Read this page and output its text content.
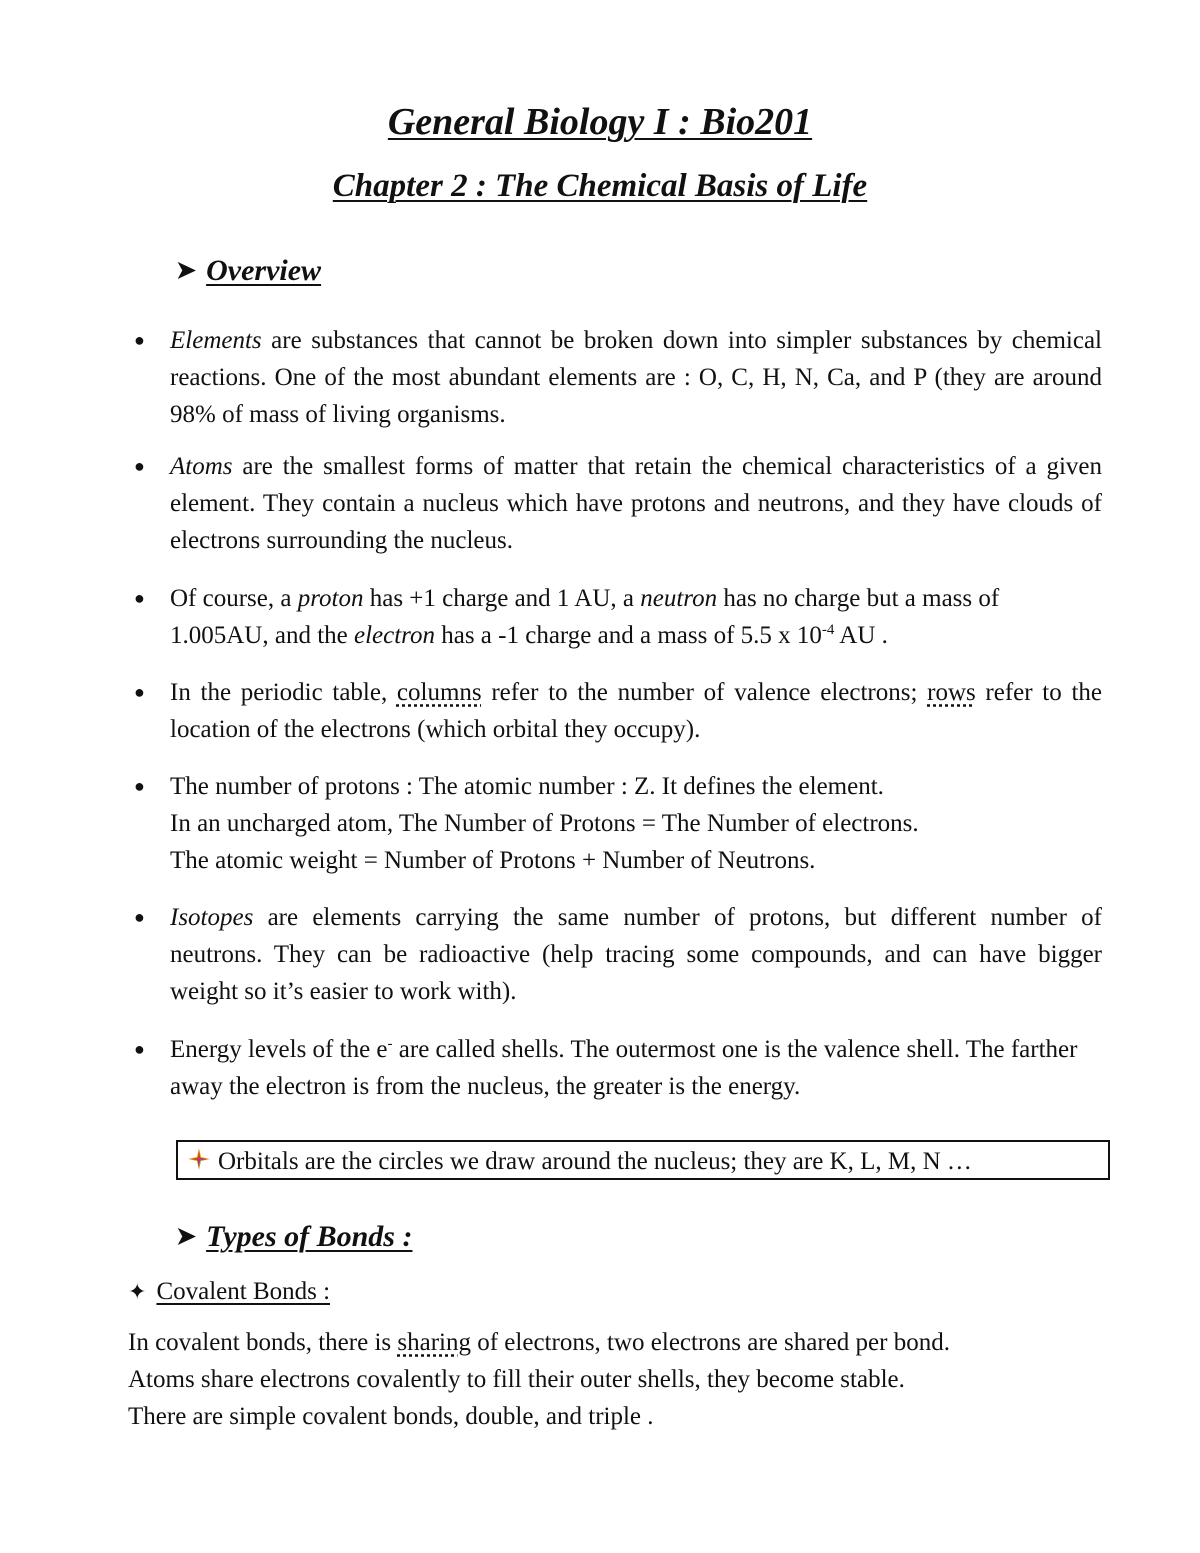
General Biology I : Bio201
Chapter 2 : The Chemical Basis of Life
➤ Overview
● Elements are substances that cannot be broken down into simpler substances by chemical reactions. One of the most abundant elements are : O, C, H, N, Ca, and P (they are around 98% of mass of living organisms.
● Atoms are the smallest forms of matter that retain the chemical characteristics of a given element. They contain a nucleus which have protons and neutrons, and they have clouds of electrons surrounding the nucleus.
● Of course, a proton has +1 charge and 1 AU, a neutron has no charge but a mass of 1.005AU, and the electron has a -1 charge and a mass of 5.5 x $10^{-4}$ AU .
● In the periodic table, columns refer to the number of valence electrons; rows refer to the location of the electrons (which orbital they occupy).
● The number of protons : The atomic number : Z. It defines the element.
In an uncharged atom, The Number of Protons = The Number of electrons.
The atomic weight = Number of Protons + Number of Neutrons.
● Isotopes are elements carrying the same number of protons, but different number of neutrons. They can be radioactive (help tracing some compounds, and can have bigger weight so it’s easier to work with).
● Energy levels of the e- are called shells. The outermost one is the valence shell. The farther away the electron is from the nucleus, the greater is the energy.
Orbitals are the circles we draw around the nucleus; they are K, L, M, N …
➤ Types of Bonds :
✦ Covalent Bonds :
In covalent bonds, there is sharing of electrons, two electrons are shared per bond.
Atoms share electrons covalently to fill their outer shells, they become stable.
There are simple covalent bonds, double, and triple .
